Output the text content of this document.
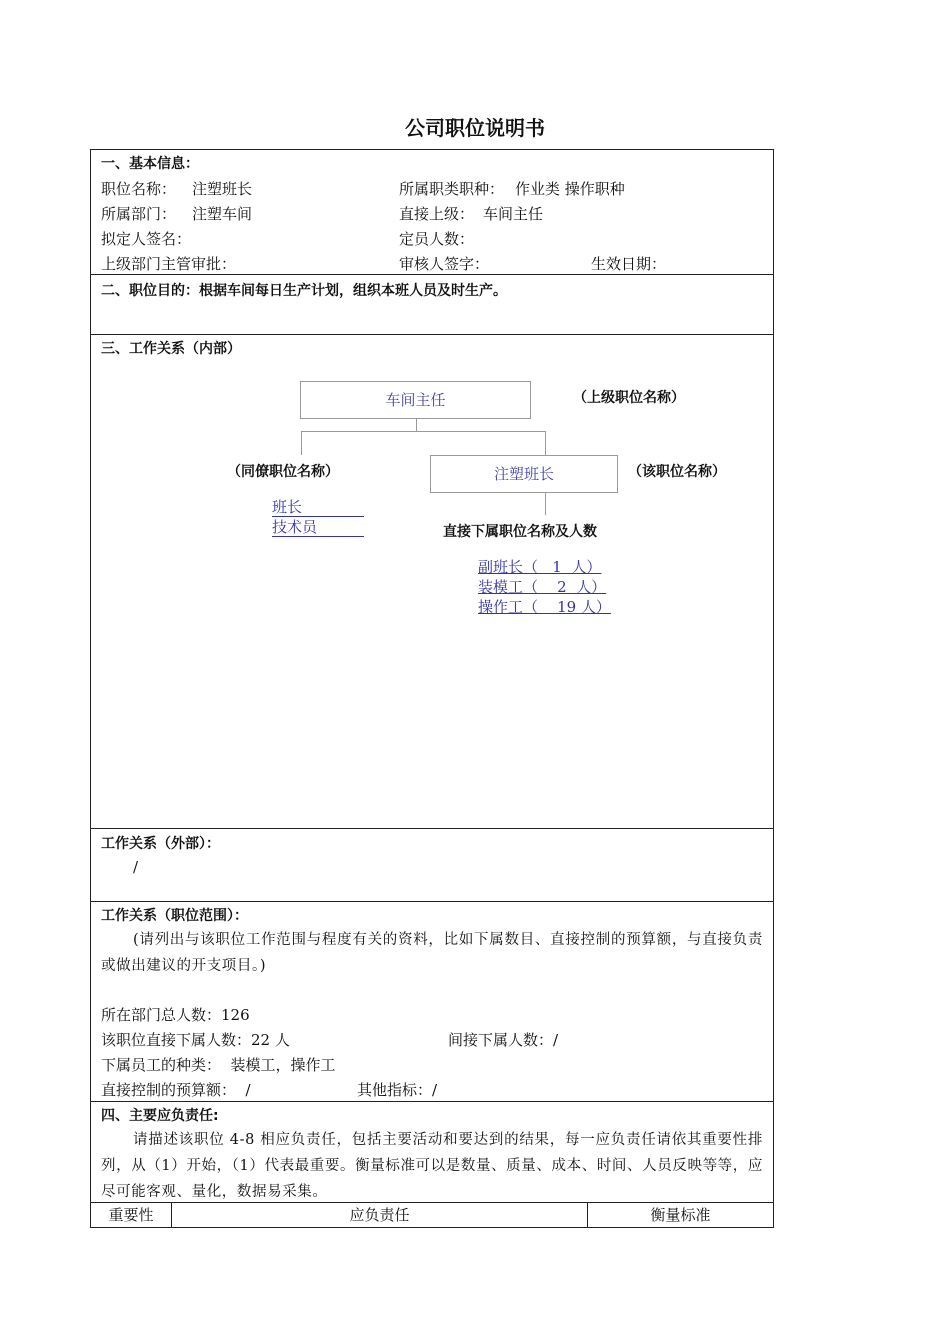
公司职位说明书
一、基本信息：
职位名称： 注塑班长	所属职类职种： 作业类 操作职种
所属部门： 注塑车间	直接上级： 车间主任
拟定人签名：	定员人数：
上级部门主管审批：	审核人签字：	生效日期：
二、职位目的：根据车间每日生产计划，组织本班人员及时生产。
三、工作关系（内部）
车间主任	（上级职位名称）
（同僚职位名称）	注塑班长	（该职位名称）
班长
技术员	直接下属职位名称及人数
副班长（   1  人）
装模工（    2  人）
操作工（    19 人）
工作关系（外部）：
/
工作关系（职位范围）：
(请列出与该职位工作范围与程度有关的资料，比如下属数目、直接控制的预算额，与直接负责或做出建议的开支项目。)
所在部门总人数：126
该职位直接下属人数：22 人	间接下属人数：/
下属员工的种类：  装模工，操作工
直接控制的预算额：  /	其他指标：/
四、主要应负责任:
请描述该职位 4-8 相应负责任，包括主要活动和要达到的结果，每一应负责任请依其重要性排列，从（1）开始，（1）代表最重要。衡量标准可以是数量、质量、成本、时间、人员反映等等，应尽可能客观、量化，数据易采集。
重要性	应负责任	衡量标准
